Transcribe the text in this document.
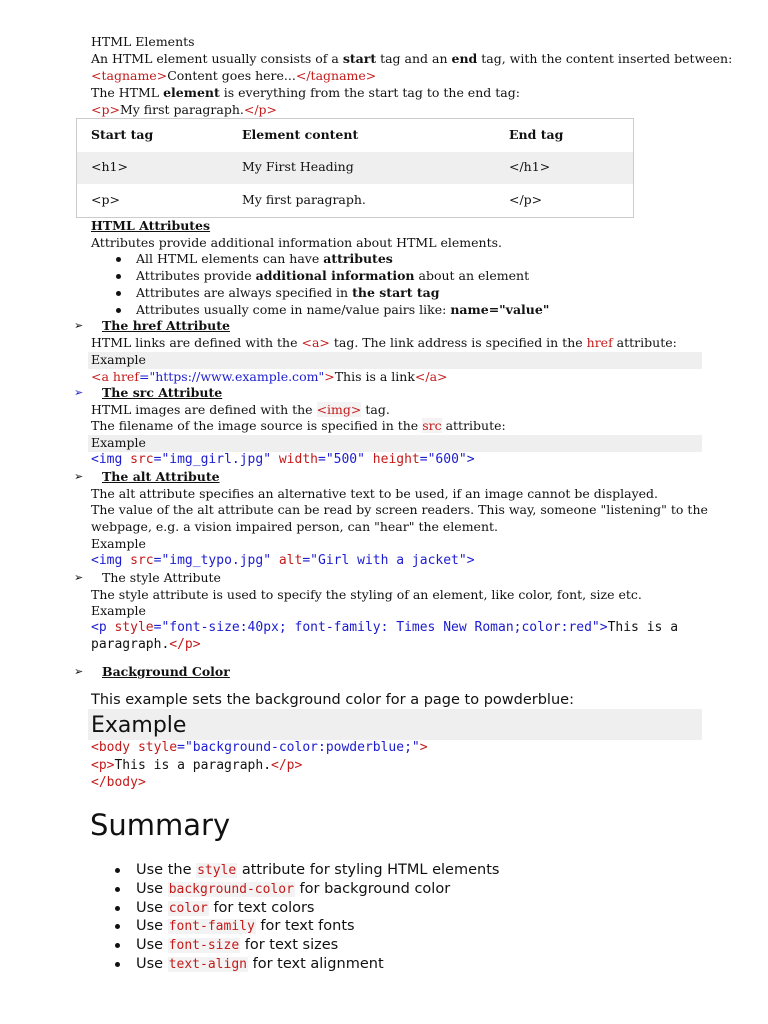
HTML Elements
An HTML element usually consists of a start tag and an end tag, with the content inserted between:
<tagname>Content goes here...</tagname>
The HTML element is everything from the start tag to the end tag:
<p>My first paragraph.</p>
Start tag	Element content	End tag
<h1>	My First Heading	</h1>
<p>	My first paragraph.	</p>
HTML Attributes
Attributes provide additional information about HTML elements.
All HTML elements can have attributes
Attributes provide additional information about an element
Attributes are always specified in the start tag
Attributes usually come in name/value pairs like: name="value"
➢ The href Attribute
HTML links are defined with the <a> tag. The link address is specified in the href attribute:
Example
<a href="https://www.example.com">This is a link</a>
➢ The src Attribute
HTML images are defined with the <img> tag.
The filename of the image source is specified in the src attribute:
Example
<img src="img_girl.jpg" width="500" height="600">
➢ The alt Attribute
The alt attribute specifies an alternative text to be used, if an image cannot be displayed.
The value of the alt attribute can be read by screen readers. This way, someone "listening" to the
webpage, e.g. a vision impaired person, can "hear" the element.
Example
<img src="img_typo.jpg" alt="Girl with a jacket">
➢ The style Attribute
The style attribute is used to specify the styling of an element, like color, font, size etc.
Example
<p style="font-size:40px; font-family: Times New Roman;color:red">This is a
paragraph.</p>
➢ Background Color
This example sets the background color for a page to powderblue:
Example
<body style="background-color:powderblue;">
<p>This is a paragraph.</p>
</body>
Summary
Use the style attribute for styling HTML elements
Use background-color for background color
Use color for text colors
Use font-family for text fonts
Use font-size for text sizes
Use text-align for text alignment
